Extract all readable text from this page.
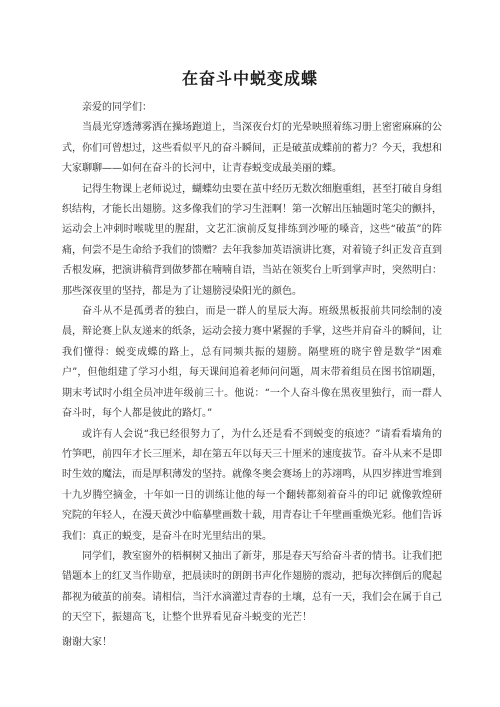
在奋斗中蜕变成蝶

亲爱的同学们：

当晨光穿透薄雾洒在操场跑道上，当深夜台灯的光晕映照着练习册上密密麻麻的公式，你们可曾想过，这些看似平凡的奋斗瞬间，正是破茧成蝶前的蓄力？今天，我想和大家聊聊——如何在奋斗的长河中，让青春蜕变成最美丽的蝶。

记得生物课上老师说过，蝴蝶幼虫要在茧中经历无数次细胞重组，甚至打破自身组织结构，才能长出翅膀。这多像我们的学习生涯啊！第一次解出压轴题时笔尖的颤抖，运动会上冲刺时喉咙里的腥甜，文艺汇演前反复排练到沙哑的嗓音，这些“破茧”的阵痛，何尝不是生命给予我们的馈赠？去年我参加英语演讲比赛，对着镜子纠正发音直到舌根发麻，把演讲稿背到做梦都在喃喃自语，当站在领奖台上听到掌声时，突然明白：那些深夜里的坚持，都是为了让翅膀浸染阳光的颜色。

奋斗从不是孤勇者的独白，而是一群人的星辰大海。班级黑板报前共同绘制的凌晨，辩论赛上队友递来的纸条，运动会接力赛中紧握的手掌，这些并肩奋斗的瞬间，让我们懂得：蜕变成蝶的路上，总有同频共振的翅膀。隔壁班的晓宇曾是数学“困难户”，但他组建了学习小组，每天课间追着老师问问题，周末带着组员在图书馆刷题，期末考试时小组全员冲进年级前三十。他说：“一个人奋斗像在黑夜里独行，而一群人奋斗时，每个人都是彼此的路灯。”

或许有人会说“我已经很努力了，为什么还是看不到蜕变的痕迹？”请看看墙角的竹笋吧，前四年才长三厘米，却在第五年以每天三十厘米的速度拔节。奋斗从来不是即时生效的魔法，而是厚积薄发的坚持。就像冬奥会赛场上的苏翊鸣，从四岁摔进雪堆到十九岁腾空摘金，十年如一日的训练让他的每一个翻转都刻着奋斗的印记 就像敦煌研究院的年轻人，在漫天黄沙中临摹壁画数十载，用青春让千年壁画重焕光彩。他们告诉我们：真正的蜕变，是奋斗在时光里结出的果。

同学们，教室窗外的梧桐树又抽出了新芽，那是春天写给奋斗者的情书。让我们把错题本上的红叉当作勋章，把晨读时的朗朗书声化作翅膀的震动，把每次摔倒后的爬起都视为破茧的前奏。请相信，当汗水滴灌过青春的土壤，总有一天，我们会在属于自己的天空下，振翅高飞，让整个世界看见奋斗蜕变的光芒！

谢谢大家！
